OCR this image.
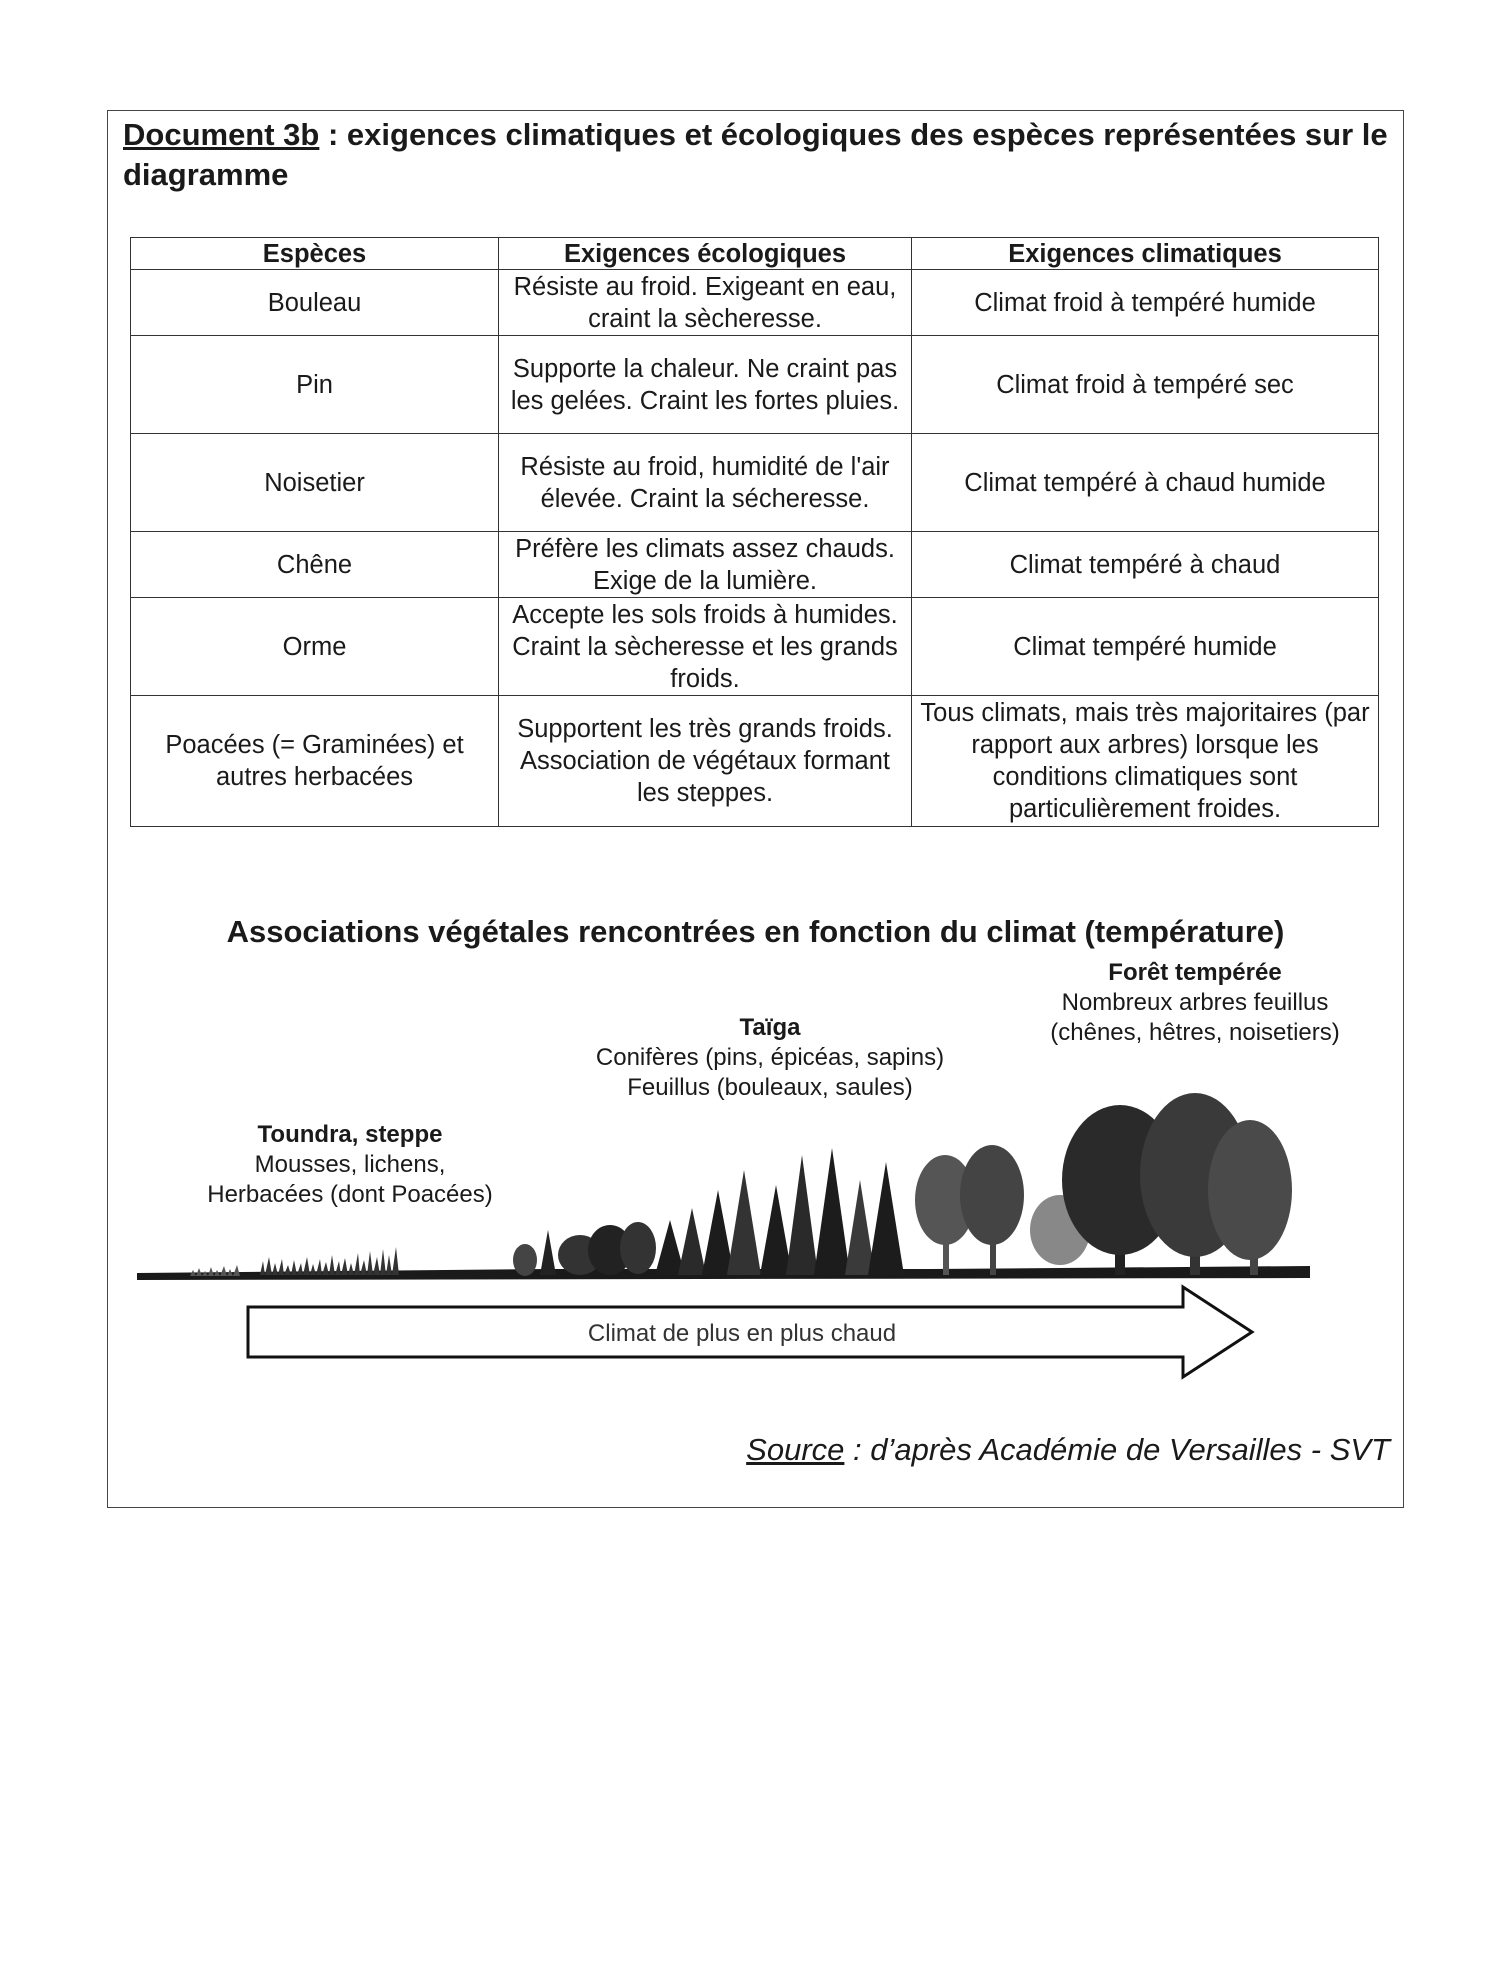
Document 3b : exigences climatiques et écologiques des espèces représentées sur le diagramme
Espèces	Exigences écologiques	Exigences climatiques
Bouleau	Résiste au froid. Exigeant en eau, craint la sècheresse.	Climat froid à tempéré humide
Pin	Supporte la chaleur. Ne craint pas les gelées. Craint les fortes pluies.	Climat froid à tempéré sec
Noisetier	Résiste au froid, humidité de l'air élevée. Craint la sécheresse.	Climat tempéré à chaud humide
Chêne	Préfère les climats assez chauds. Exige de la lumière.	Climat tempéré à chaud
Orme	Accepte les sols froids à humides. Craint la sècheresse et les grands froids.	Climat tempéré humide
Poacées (= Graminées) et autres herbacées	Supportent les très grands froids. Association de végétaux formant les steppes.	Tous climats, mais très majoritaires (par rapport aux arbres) lorsque les conditions climatiques sont particulièrement froides.
Associations végétales rencontrées en fonction du climat (température)
Forêt tempérée
Nombreux arbres feuillus
(chênes, hêtres, noisetiers)
Taïga
Conifères (pins, épicéas, sapins)
Feuillus (bouleaux, saules)
Toundra, steppe
Mousses, lichens,
Herbacées (dont Poacées)
Climat de plus en plus chaud

Source : d’après Académie de Versailles - SVT
